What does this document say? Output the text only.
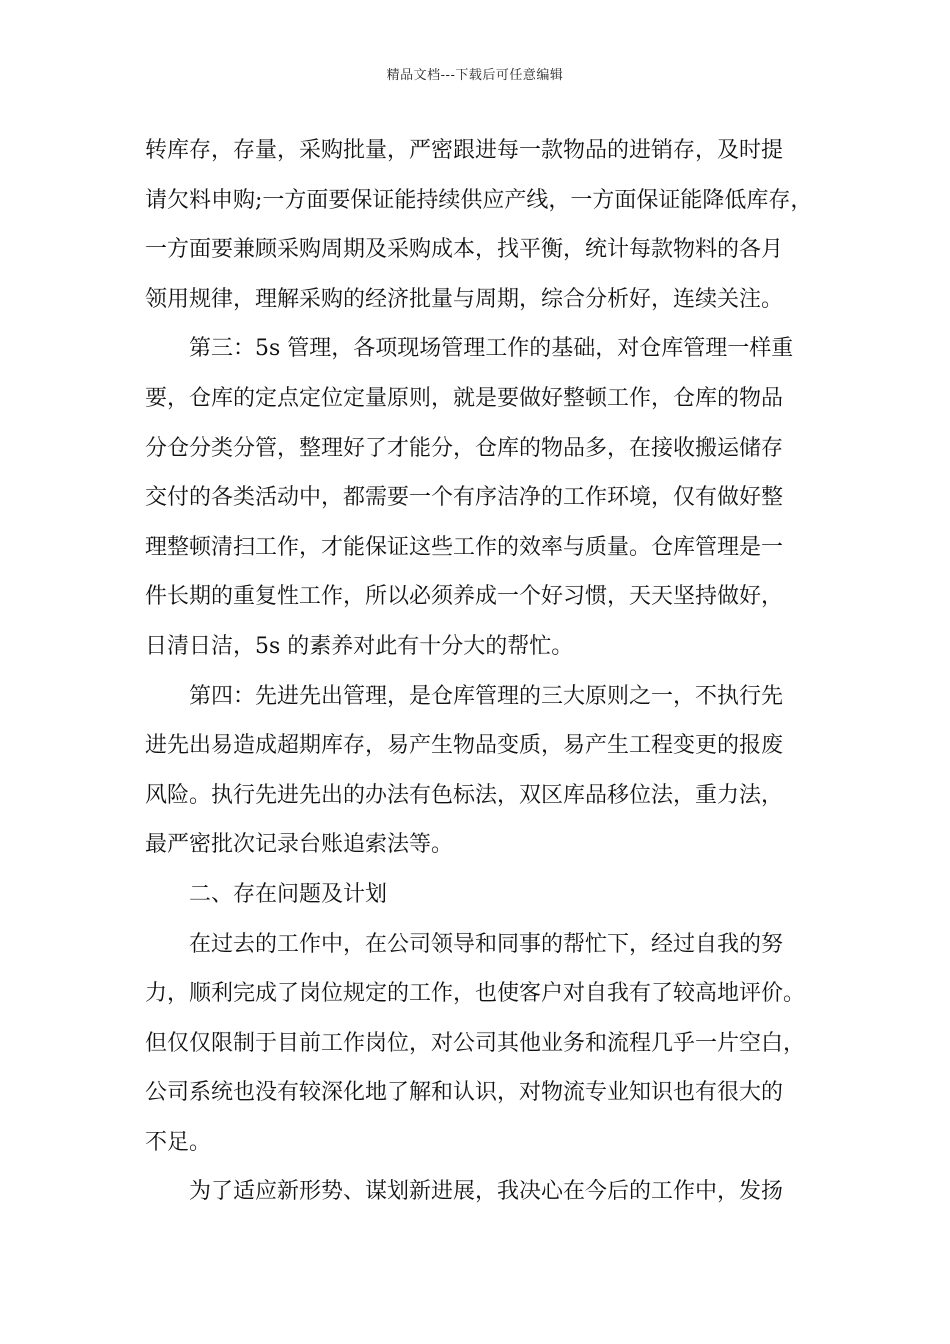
精品文档---下载后可任意编辑
转库存，存量，采购批量，严密跟进每一款物品的进销存，及时提
请欠料申购;一方面要保证能持续供应产线，一方面保证能降低库存，
一方面要兼顾采购周期及采购成本，找平衡，统计每款物料的各月
领用规律，理解采购的经济批量与周期，综合分析好，连续关注。
第三：5s 管理，各项现场管理工作的基础，对仓库管理一样重
要，仓库的定点定位定量原则，就是要做好整顿工作，仓库的物品
分仓分类分管，整理好了才能分，仓库的物品多，在接收搬运储存
交付的各类活动中，都需要一个有序洁净的工作环境，仅有做好整
理整顿清扫工作，才能保证这些工作的效率与质量。仓库管理是一
件长期的重复性工作，所以必须养成一个好习惯，天天坚持做好，
日清日洁，5s 的素养对此有十分大的帮忙。
第四：先进先出管理，是仓库管理的三大原则之一，不执行先
进先出易造成超期库存，易产生物品变质，易产生工程变更的报废
风险。执行先进先出的办法有色标法，双区库品移位法，重力法，
最严密批次记录台账追索法等。
二、存在问题及计划
在过去的工作中，在公司领导和同事的帮忙下，经过自我的努
力，顺利完成了岗位规定的工作，也使客户对自我有了较高地评价。
但仅仅限制于目前工作岗位，对公司其他业务和流程几乎一片空白，
公司系统也没有较深化地了解和认识，对物流专业知识也有很大的
不足。
为了适应新形势、谋划新进展，我决心在今后的工作中，发扬
